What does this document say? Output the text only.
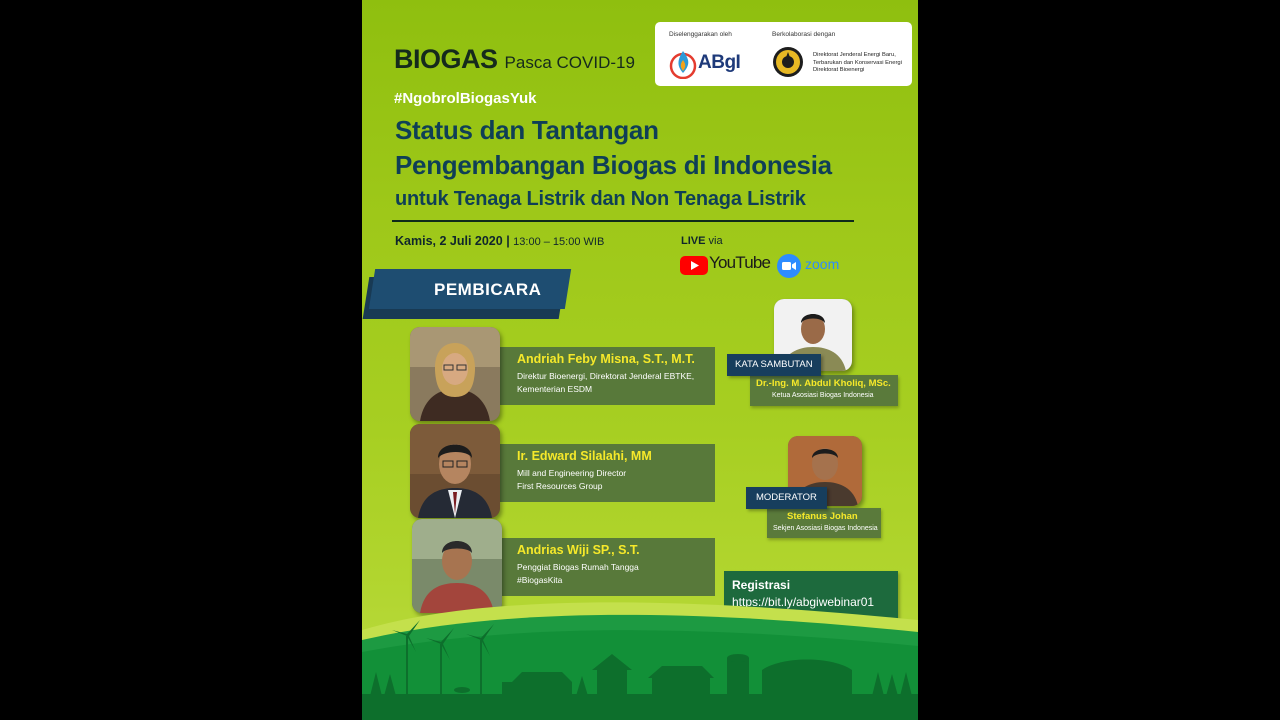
Diselenggarakan oleh
ABgI
Berkolaborasi dengan
Direktorat Jenderal Energi Baru,
Terbarukan dan Konservasi Energi
Direktorat Bioenergi
BIOGAS Pasca COVID-19
#NgobrolBiogasYuk
Status dan Tantangan
Pengembangan Biogas di Indonesia
untuk Tenaga Listrik dan Non Tenaga Listrik
Kamis, 2 Juli 2020 | 13:00 – 15:00 WIB	LIVE via
YouTube zoom
PEMBICARA
Andriah Feby Misna, S.T., M.T.
Direktur Bioenergi, Direktorat Jenderal EBTKE,
Kementerian ESDM
Ir. Edward Silalahi, MM
Mill and Engineering Director
First Resources Group
Andrias Wiji SP., S.T.
Penggiat Biogas Rumah Tangga
#BiogasKita
Dr.-Ing. M. Abdul Kholiq, MSc.
Ketua Asosiasi Biogas Indonesia
KATA SAMBUTAN
Stefanus Johan
Sekjen Asosiasi Biogas Indonesia
MODERATOR
Registrasi
https://bit.ly/abgiwebinar01
